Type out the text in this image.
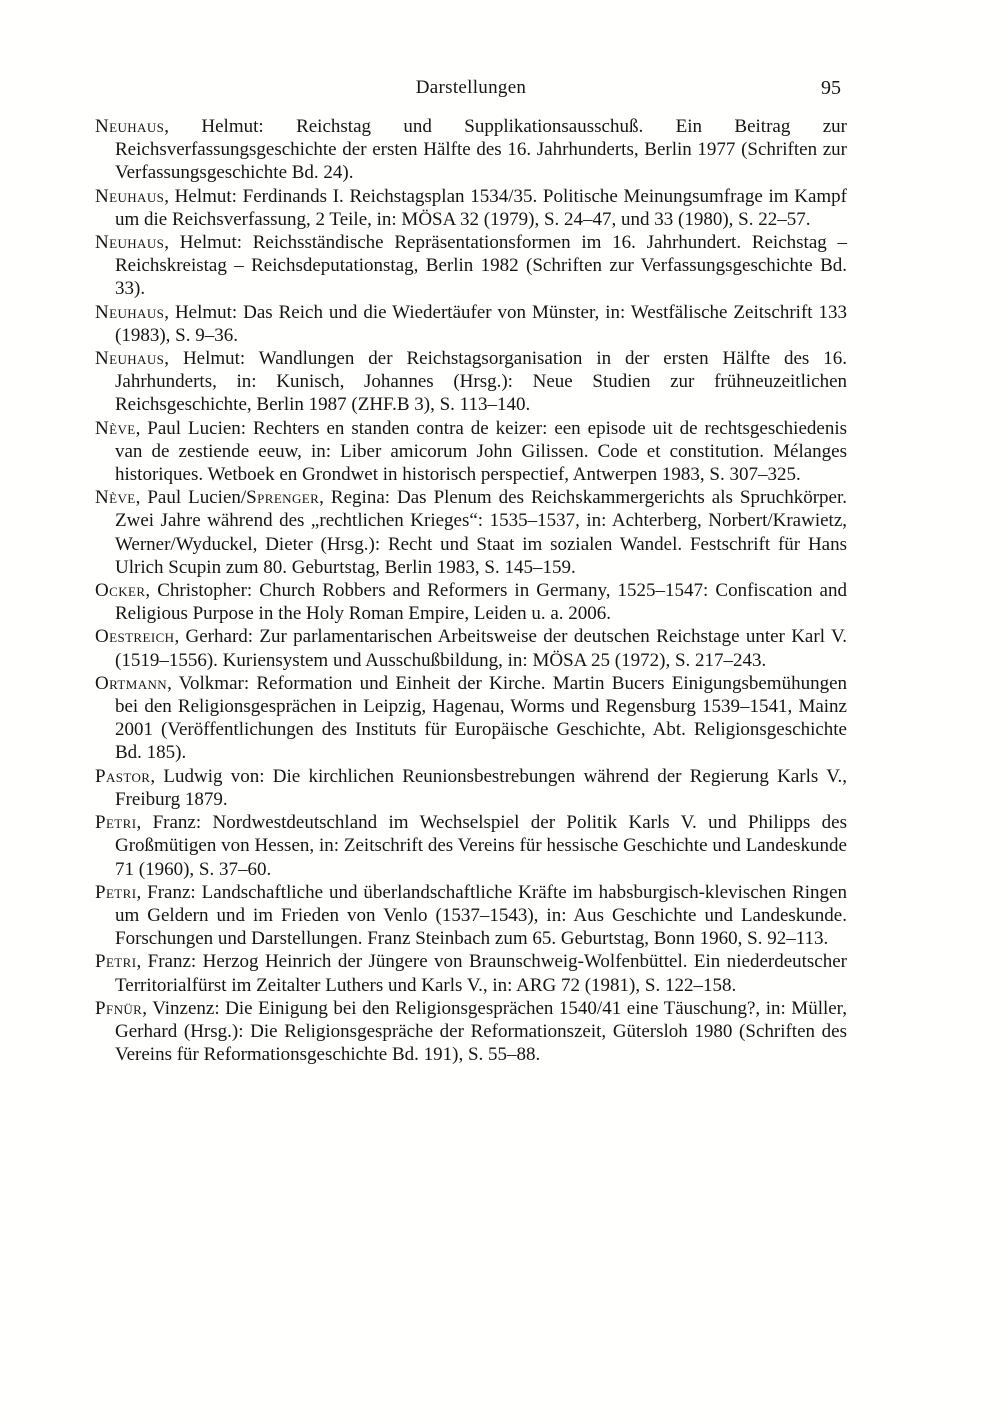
Darstellungen	95

Neuhaus, Helmut: Reichstag und Supplikationsausschuß. Ein Beitrag zur Reichsverfassungsgeschichte der ersten Hälfte des 16. Jahrhunderts, Berlin 1977 (Schriften zur Verfassungsgeschichte Bd. 24).

Neuhaus, Helmut: Ferdinands I. Reichstagsplan 1534/35. Politische Meinungsumfrage im Kampf um die Reichsverfassung, 2 Teile, in: MÖSA 32 (1979), S. 24–47, und 33 (1980), S. 22–57.

Neuhaus, Helmut: Reichsständische Repräsentationsformen im 16. Jahrhundert. Reichstag – Reichskreistag – Reichsdeputationstag, Berlin 1982 (Schriften zur Verfassungsgeschichte Bd. 33).

Neuhaus, Helmut: Das Reich und die Wiedertäufer von Münster, in: Westfälische Zeitschrift 133 (1983), S. 9–36.

Neuhaus, Helmut: Wandlungen der Reichstagsorganisation in der ersten Hälfte des 16. Jahrhunderts, in: Kunisch, Johannes (Hrsg.): Neue Studien zur frühneuzeitlichen Reichsgeschichte, Berlin 1987 (ZHF.B 3), S. 113–140.

Nève, Paul Lucien: Rechters en standen contra de keizer: een episode uit de rechtsgeschiedenis van de zestiende eeuw, in: Liber amicorum John Gilissen. Code et constitution. Mélanges historiques. Wetboek en Grondwet in historisch perspectief, Antwerpen 1983, S. 307–325.

Nève, Paul Lucien/Sprenger, Regina: Das Plenum des Reichskammergerichts als Spruchkörper. Zwei Jahre während des „rechtlichen Krieges“: 1535–1537, in: Achterberg, Norbert/Krawietz, Werner/Wyduckel, Dieter (Hrsg.): Recht und Staat im sozialen Wandel. Festschrift für Hans Ulrich Scupin zum 80. Geburtstag, Berlin 1983, S. 145–159.

Ocker, Christopher: Church Robbers and Reformers in Germany, 1525–1547: Confiscation and Religious Purpose in the Holy Roman Empire, Leiden u. a. 2006.

Oestreich, Gerhard: Zur parlamentarischen Arbeitsweise der deutschen Reichstage unter Karl V. (1519–1556). Kuriensystem und Ausschußbildung, in: MÖSA 25 (1972), S. 217–243.

Ortmann, Volkmar: Reformation und Einheit der Kirche. Martin Bucers Einigungsbemühungen bei den Religionsgesprächen in Leipzig, Hagenau, Worms und Regensburg 1539–1541, Mainz 2001 (Veröffentlichungen des Instituts für Europäische Geschichte, Abt. Religionsgeschichte Bd. 185).

Pastor, Ludwig von: Die kirchlichen Reunionsbestrebungen während der Regierung Karls V., Freiburg 1879.

Petri, Franz: Nordwestdeutschland im Wechselspiel der Politik Karls V. und Philipps des Großmütigen von Hessen, in: Zeitschrift des Vereins für hessische Geschichte und Landeskunde 71 (1960), S. 37–60.

Petri, Franz: Landschaftliche und überlandschaftliche Kräfte im habsburgisch-klevischen Ringen um Geldern und im Frieden von Venlo (1537–1543), in: Aus Geschichte und Landeskunde. Forschungen und Darstellungen. Franz Steinbach zum 65. Geburtstag, Bonn 1960, S. 92–113.

Petri, Franz: Herzog Heinrich der Jüngere von Braunschweig-Wolfenbüttel. Ein niederdeutscher Territorialfürst im Zeitalter Luthers und Karls V., in: ARG 72 (1981), S. 122–158.

Pfnür, Vinzenz: Die Einigung bei den Religionsgesprächen 1540/41 eine Täuschung?, in: Müller, Gerhard (Hrsg.): Die Religionsgespräche der Reformationszeit, Gütersloh 1980 (Schriften des Vereins für Reformationsgeschichte Bd. 191), S. 55–88.
